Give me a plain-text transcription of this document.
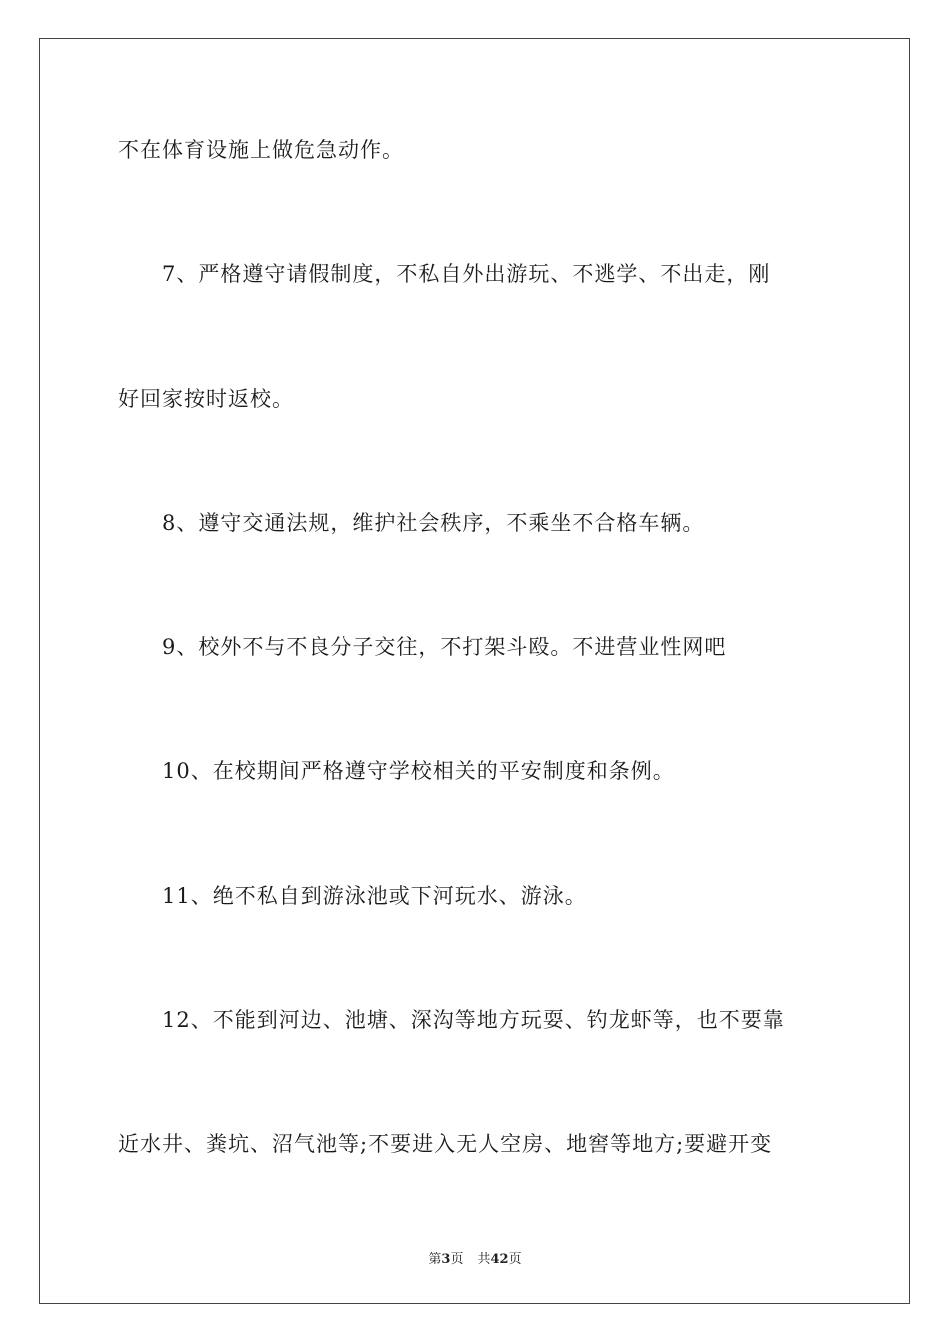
不在体育设施上做危急动作。
7、严格遵守请假制度，不私自外出游玩、不逃学、不出走，刚
好回家按时返校。
8、遵守交通法规，维护社会秩序，不乘坐不合格车辆。
9、校外不与不良分子交往，不打架斗殴。不进营业性网吧
10、在校期间严格遵守学校相关的平安制度和条例。
11、绝不私自到游泳池或下河玩水、游泳。
12、不能到河边、池塘、深沟等地方玩耍、钓龙虾等，也不要靠
近水井、粪坑、沼气池等;不要进入无人空房、地窖等地方;要避开变
第3页 共42页
